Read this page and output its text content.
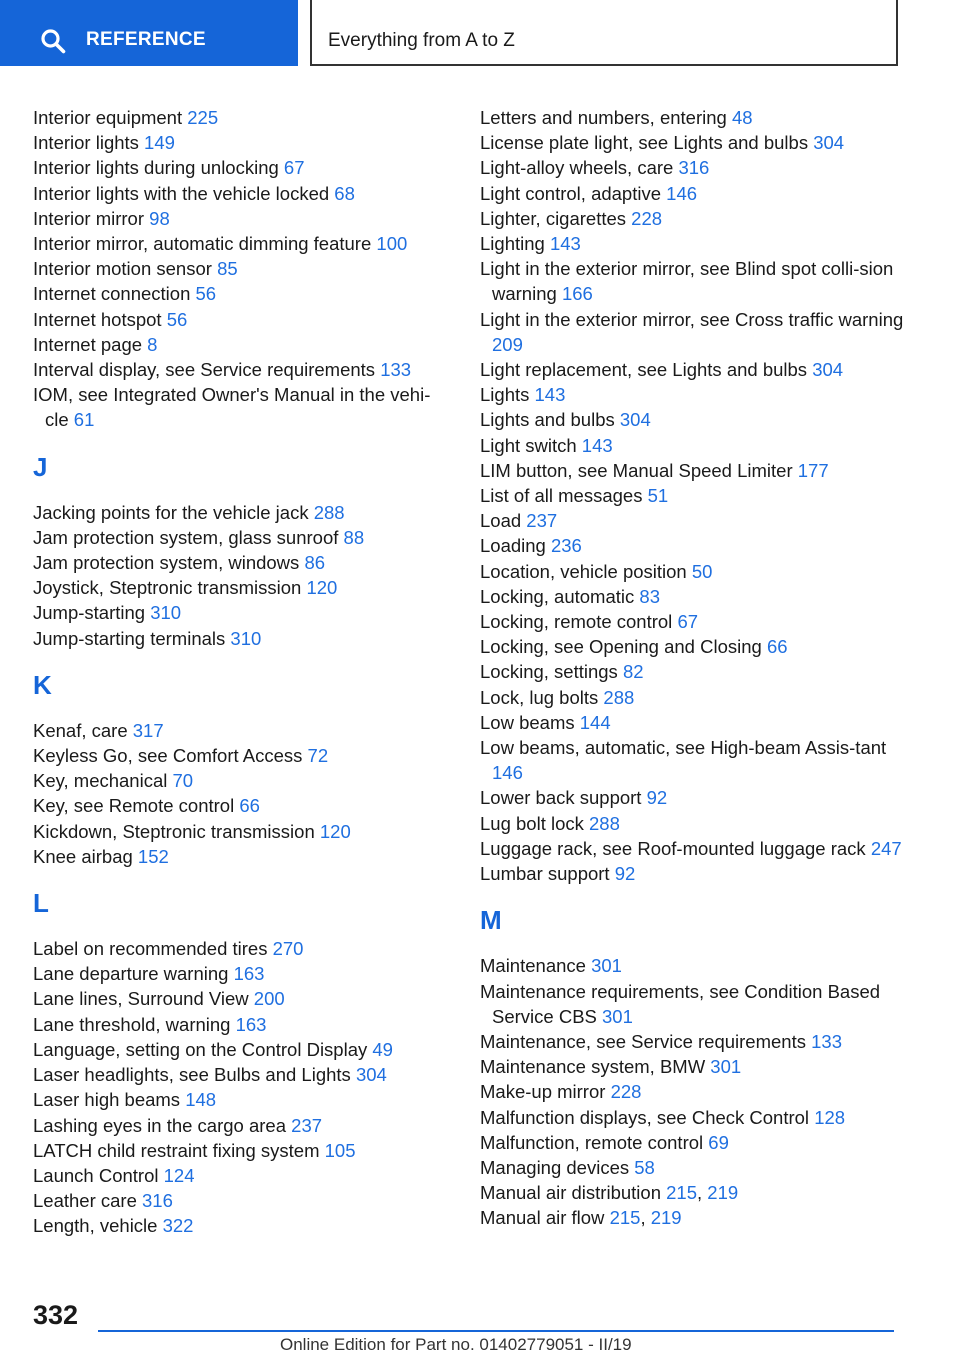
REFERENCE	Everything from A to Z
Interior equipment 225
Interior lights 149
Interior lights during unlocking 67
Interior lights with the vehicle locked 68
Interior mirror 98
Interior mirror, automatic dimming feature 100
Interior motion sensor 85
Internet connection 56
Internet hotspot 56
Internet page 8
Interval display, see Service requirements 133
IOM, see Integrated Owner's Manual in the vehi‐cle 61
J
Jacking points for the vehicle jack 288
Jam protection system, glass sunroof 88
Jam protection system, windows 86
Joystick, Steptronic transmission 120
Jump-starting 310
Jump-starting terminals 310
K
Kenaf, care 317
Keyless Go, see Comfort Access 72
Key, mechanical 70
Key, see Remote control 66
Kickdown, Steptronic transmission 120
Knee airbag 152
L
Label on recommended tires 270
Lane departure warning 163
Lane lines, Surround View 200
Lane threshold, warning 163
Language, setting on the Control Display 49
Laser headlights, see Bulbs and Lights 304
Laser high beams 148
Lashing eyes in the cargo area 237
LATCH child restraint fixing system 105
Launch Control 124
Leather care 316
Length, vehicle 322
Letters and numbers, entering 48
License plate light, see Lights and bulbs 304
Light-alloy wheels, care 316
Light control, adaptive 146
Lighter, cigarettes 228
Lighting 143
Light in the exterior mirror, see Blind spot colli‐sion warning 166
Light in the exterior mirror, see Cross traffic warning 209
Light replacement, see Lights and bulbs 304
Lights 143
Lights and bulbs 304
Light switch 143
LIM button, see Manual Speed Limiter 177
List of all messages 51
Load 237
Loading 236
Location, vehicle position 50
Locking, automatic 83
Locking, remote control 67
Locking, see Opening and Closing 66
Locking, settings 82
Lock, lug bolts 288
Low beams 144
Low beams, automatic, see High-beam Assis‐tant 146
Lower back support 92
Lug bolt lock 288
Luggage rack, see Roof-mounted luggage rack 247
Lumbar support 92
M
Maintenance 301
Maintenance requirements, see Condition Based Service CBS 301
Maintenance, see Service requirements 133
Maintenance system, BMW 301
Make-up mirror 228
Malfunction displays, see Check Control 128
Malfunction, remote control 69
Managing devices 58
Manual air distribution 215, 219
Manual air flow 215, 219
332
Online Edition for Part no. 01402779051 - II/19
